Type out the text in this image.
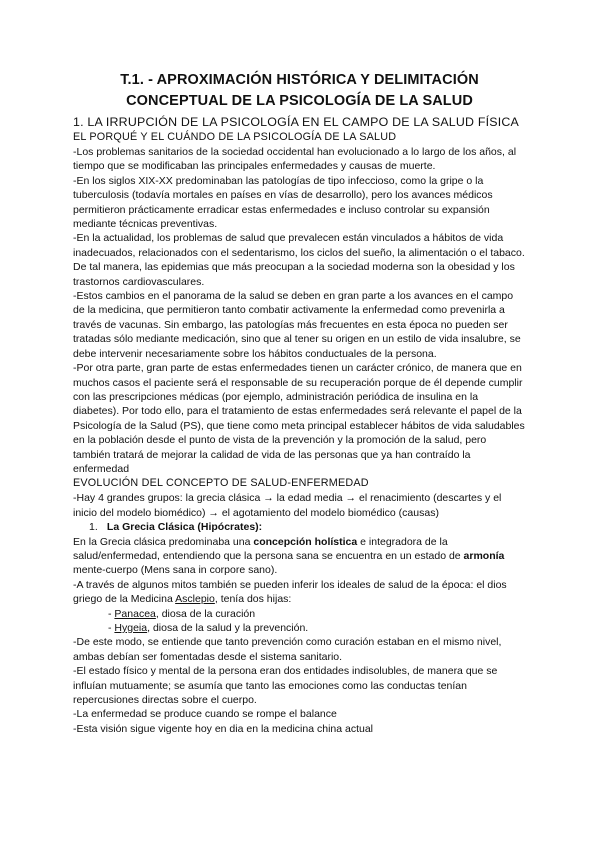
T.1. - APROXIMACIÓN HISTÓRICA Y DELIMITACIÓN
CONCEPTUAL DE LA PSICOLOGÍA DE LA SALUD
1. LA IRRUPCIÓN DE LA PSICOLOGÍA EN EL CAMPO DE LA SALUD FÍSICA
EL PORQUÉ Y EL CUÁNDO DE LA PSICOLOGÍA DE LA SALUD

-Los problemas sanitarios de la sociedad occidental han evolucionado a lo largo de los años, al tiempo que se modificaban las principales enfermedades y causas de muerte.

-En los siglos XIX-XX predominaban las patologías de tipo infeccioso, como la gripe o la tuberculosis (todavía mortales en países en vías de desarrollo), pero los avances médicos permitieron prácticamente erradicar estas enfermedades e incluso controlar su expansión mediante técnicas preventivas.

-En la actualidad, los problemas de salud que prevalecen están vinculados a hábitos de vida inadecuados, relacionados con el sedentarismo, los ciclos del sueño, la alimentación o el tabaco. De tal manera, las epidemias que más preocupan a la sociedad moderna son la obesidad y los trastornos cardiovasculares.

-Estos cambios en el panorama de la salud se deben en gran parte a los avances en el campo de la medicina, que permitieron tanto combatir activamente la enfermedad como prevenirla a través de vacunas. Sin embargo, las patologías más frecuentes en esta época no pueden ser tratadas sólo mediante medicación, sino que al tener su origen en un estilo de vida insalubre, se debe intervenir necesariamente sobre los hábitos conductuales de la persona.

-Por otra parte, gran parte de estas enfermedades tienen un carácter crónico, de manera que en muchos casos el paciente será el responsable de su recuperación porque de él depende cumplir con las prescripciones médicas (por ejemplo, administración periódica de insulina en la diabetes). Por todo ello, para el tratamiento de estas enfermedades será relevante el papel de la Psicología de la Salud (PS), que tiene como meta principal establecer hábitos de vida saludables en la población desde el punto de vista de la prevención y la promoción de la salud, pero también tratará de mejorar la calidad de vida de las personas que ya han contraído la enfermedad

EVOLUCIÓN DEL CONCEPTO DE SALUD-ENFERMEDAD

-Hay 4 grandes grupos: la grecia clásica → la edad media → el renacimiento (descartes y el inicio del modelo biomédico) → el agotamiento del modelo biomédico (causas)

1. La Grecia Clásica (Hipócrates):

En la Grecia clásica predominaba una concepción holística e integradora de la salud/enfermedad, entendiendo que la persona sana se encuentra en un estado de armonía mente-cuerpo (Mens sana in corpore sano).

-A través de algunos mitos también se pueden inferir los ideales de salud de la época: el dios griego de la Medicina Asclepio, tenía dos hijas:

- Panacea, diosa de la curación

- Hygeia, diosa de la salud y la prevención.

-De este modo, se entiende que tanto prevención como curación estaban en el mismo nivel, ambas debían ser fomentadas desde el sistema sanitario.

-El estado físico y mental de la persona eran dos entidades indisolubles, de manera que se influían mutuamente; se asumía que tanto las emociones como las conductas tenían repercusiones directas sobre el cuerpo.

-La enfermedad se produce cuando se rompe el balance

-Esta visión sigue vigente hoy en dia en la medicina china actual
